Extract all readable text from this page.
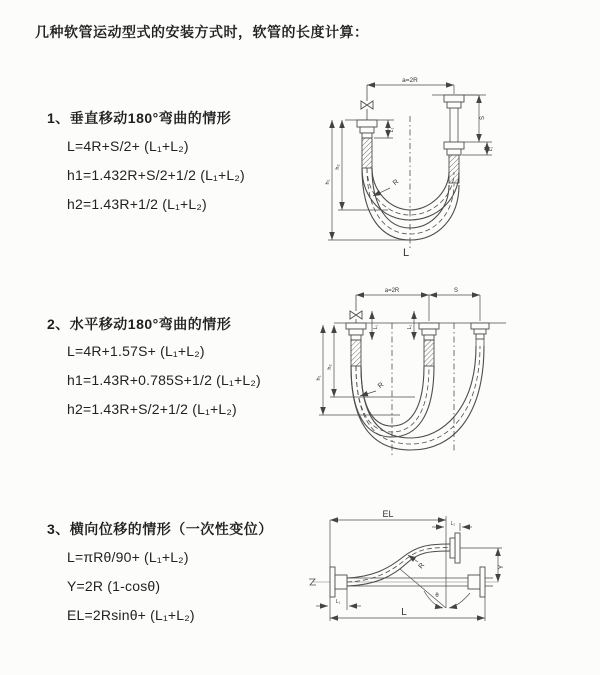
几种软管运动型式的安装方式时，软管的长度计算：
1、垂直移动180°弯曲的情形
L=4R+S/2+ (L₁+L₂)
h1=1.432R+S/2+1/2 (L₁+L₂)
h2=1.43R+1/2 (L₁+L₂)
a=2R
L₁
S
L₂
R
h₁
h₂
L
2、水平移动180°弯曲的情形
L=4R+1.57S+ (L₁+L₂)
h1=1.43R+0.785S+1/2 (L₁+L₂)
h2=1.43R+S/2+1/2 (L₁+L₂)
a=2R	S
L₁	L₂
R
h₁
h₂
3、横向位移的情形（一次性变位）
L=πRθ/90+ (L₁+L₂)
Y=2R (1-cosθ)
EL=2Rsinθ+ (L₁+L₂)
EL
L₂
Y
R
θ
L
L₁
